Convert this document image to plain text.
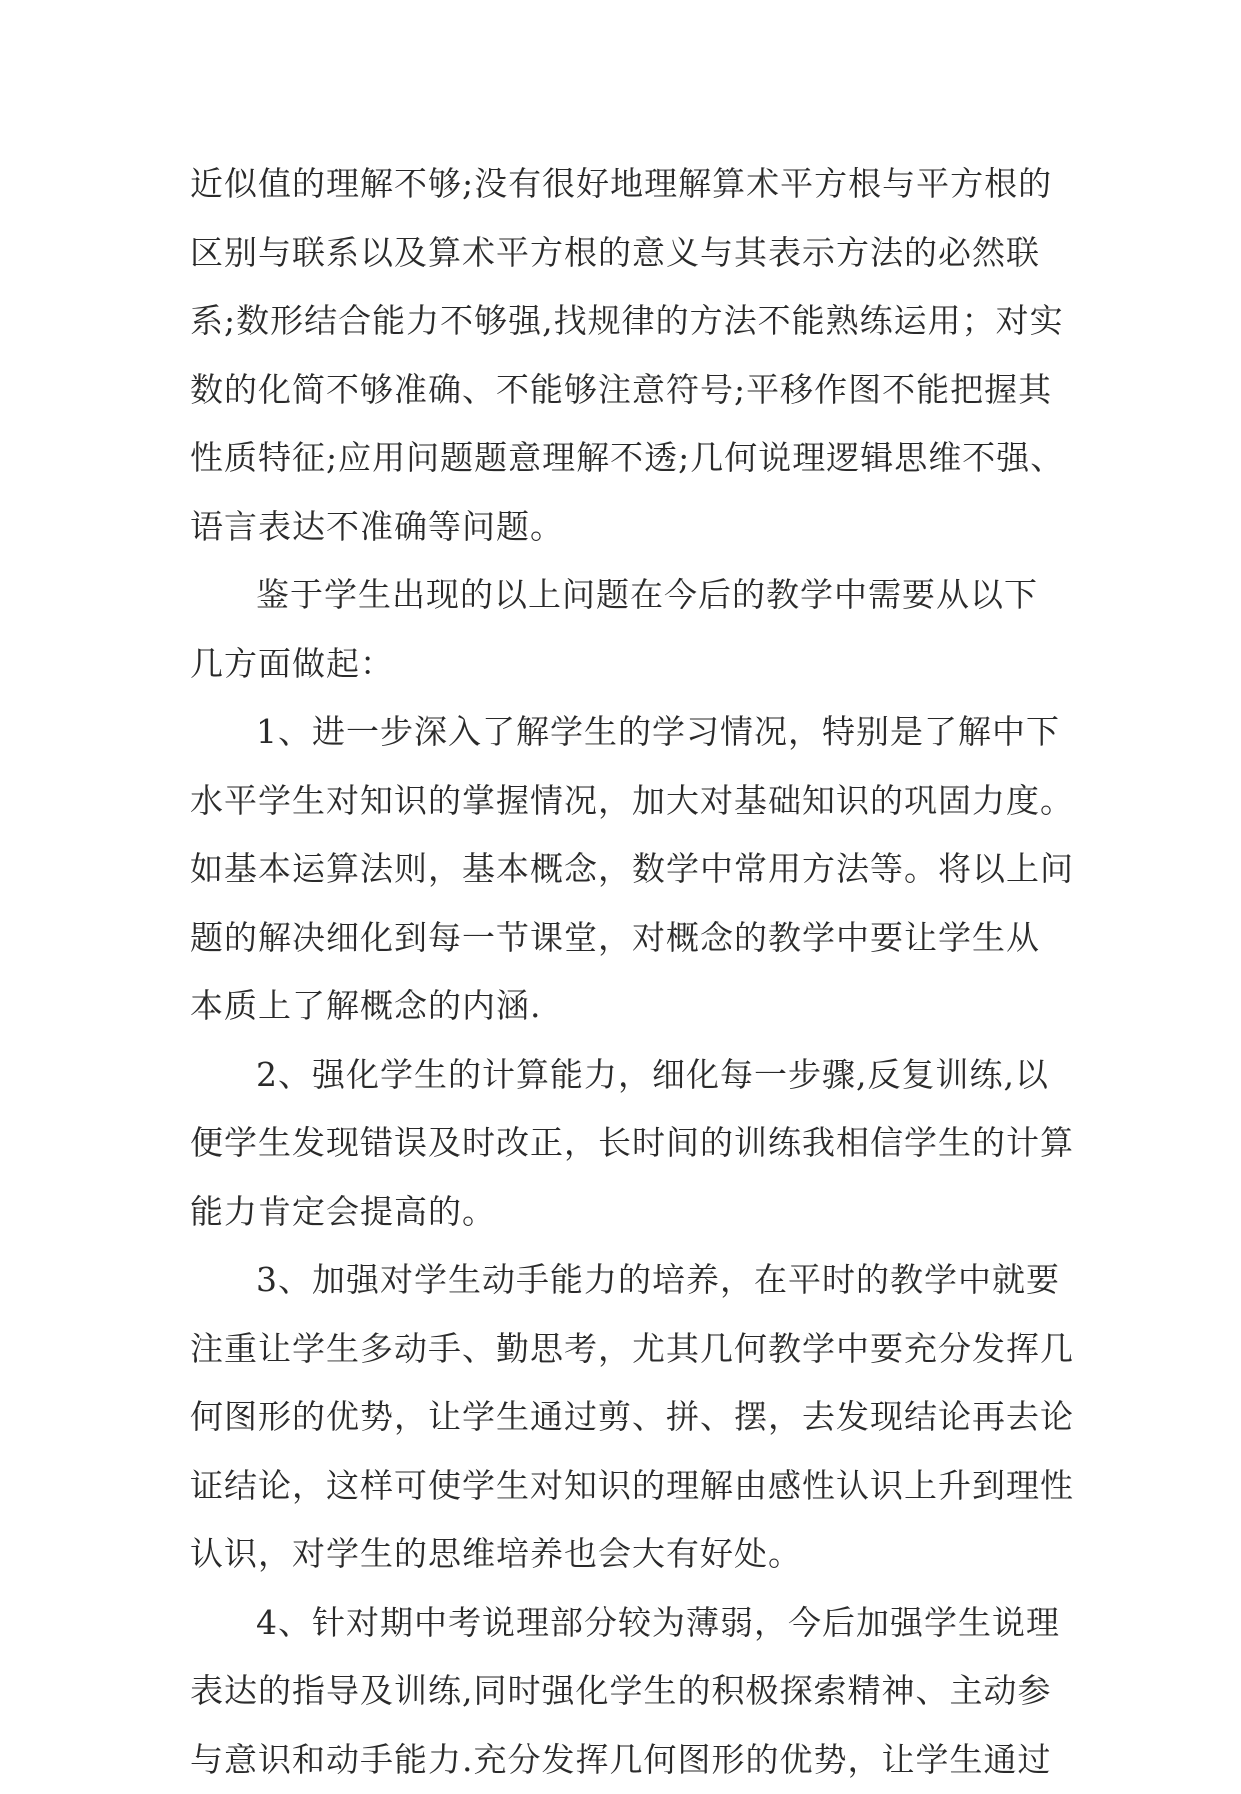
近似值的理解不够;没有很好地理解算术平方根与平方根的
区别与联系以及算术平方根的意义与其表示方法的必然联
系;数形结合能力不够强,找规律的方法不能熟练运用；对实
数的化简不够准确、不能够注意符号;平移作图不能把握其
性质特征;应用问题题意理解不透;几何说理逻辑思维不强、
语言表达不准确等问题。
鉴于学生出现的以上问题在今后的教学中需要从以下
几方面做起：
1、进一步深入了解学生的学习情况，特别是了解中下
水平学生对知识的掌握情况，加大对基础知识的巩固力度。
如基本运算法则，基本概念，数学中常用方法等。将以上问
题的解决细化到每一节课堂，对概念的教学中要让学生从
本质上了解概念的内涵.
2、强化学生的计算能力，细化每一步骤,反复训练,以
便学生发现错误及时改正，长时间的训练我相信学生的计算
能力肯定会提高的。
3、加强对学生动手能力的培养，在平时的教学中就要
注重让学生多动手、勤思考，尤其几何教学中要充分发挥几
何图形的优势，让学生通过剪、拼、摆，去发现结论再去论
证结论，这样可使学生对知识的理解由感性认识上升到理性
认识，对学生的思维培养也会大有好处。
4、针对期中考说理部分较为薄弱，今后加强学生说理
表达的指导及训练,同时强化学生的积极探索精神、主动参
与意识和动手能力.充分发挥几何图形的优势，让学生通过
